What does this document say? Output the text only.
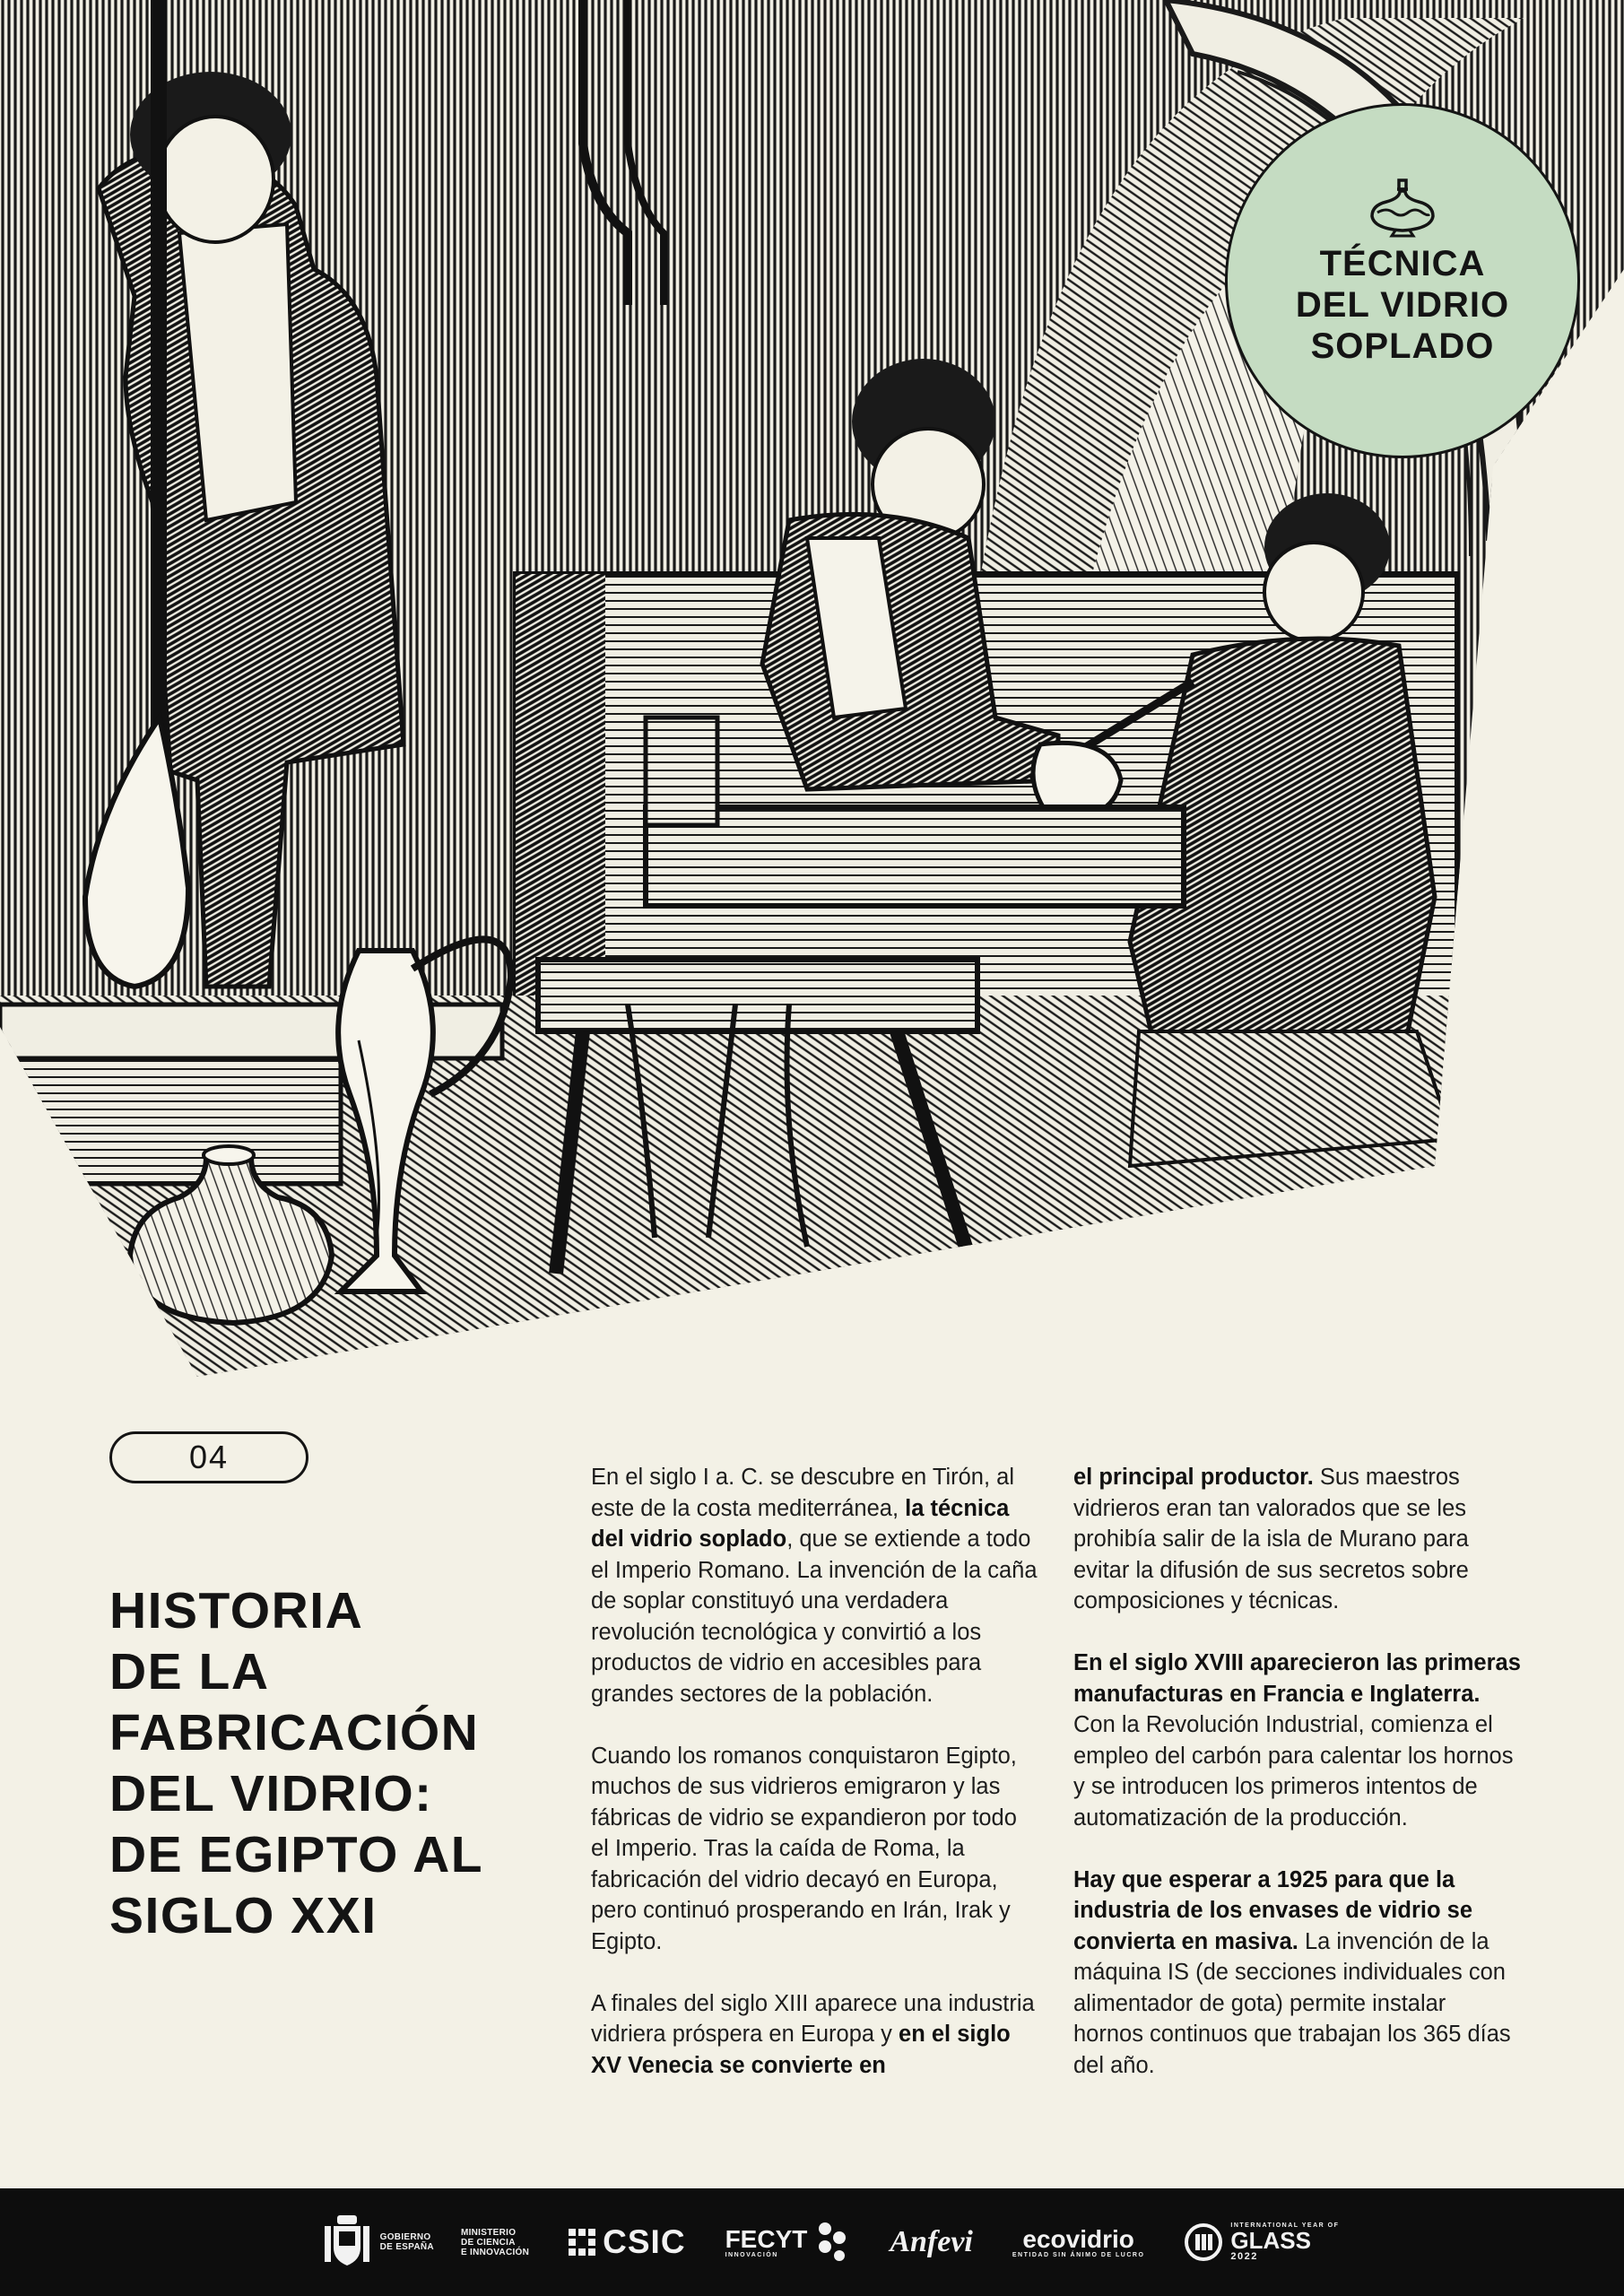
TÉCNICA
DEL VIDRIO
SOPLADO
04
HISTORIA
DE LA
FABRICACIÓN
DEL VIDRIO:
DE EGIPTO AL
SIGLO XXI

En el siglo I a. C. se descubre en Tirón, al este de la costa mediterránea, la técnica del vidrio soplado, que se extiende a todo el Imperio Romano. La invención de la caña de soplar constituyó una verdadera revolución tecnológica y convirtió a los productos de vidrio en accesibles para grandes sectores de la población.

Cuando los romanos conquistaron Egipto, muchos de sus vidrieros emigraron y las fábricas de vidrio se expandieron por todo el Imperio. Tras la caída de Roma, la fabricación del vidrio decayó en Europa, pero continuó prosperando en Irán, Irak y Egipto.

A finales del siglo XIII aparece una industria vidriera próspera en Europa y en el siglo XV Venecia se convierte en

el principal productor. Sus maestros vidrieros eran tan valorados que se les prohibía salir de la isla de Murano para evitar la difusión de sus secretos sobre composiciones y técnicas.

En el siglo XVIII aparecieron las primeras manufacturas en Francia e Inglaterra. Con la Revolución Industrial, comienza el empleo del carbón para calentar los hornos y se introducen los primeros intentos de automatización de la producción.

Hay que esperar a 1925 para que la industria de los envases de vidrio se convierta en masiva. La invención de la máquina IS (de secciones individuales con alimentador de gota) permite instalar hornos continuos que trabajan los 365 días del año.

GOBIERNO
DE ESPAÑA
MINISTERIO
DE CIENCIA
E INNOVACIÓN CSIC FECYT
INNOVACIÓN	Anfevi ecovidrio
ENTIDAD SIN ÁNIMO DE LUCRO
INTERNATIONAL YEAR OF
GLASS
2022
